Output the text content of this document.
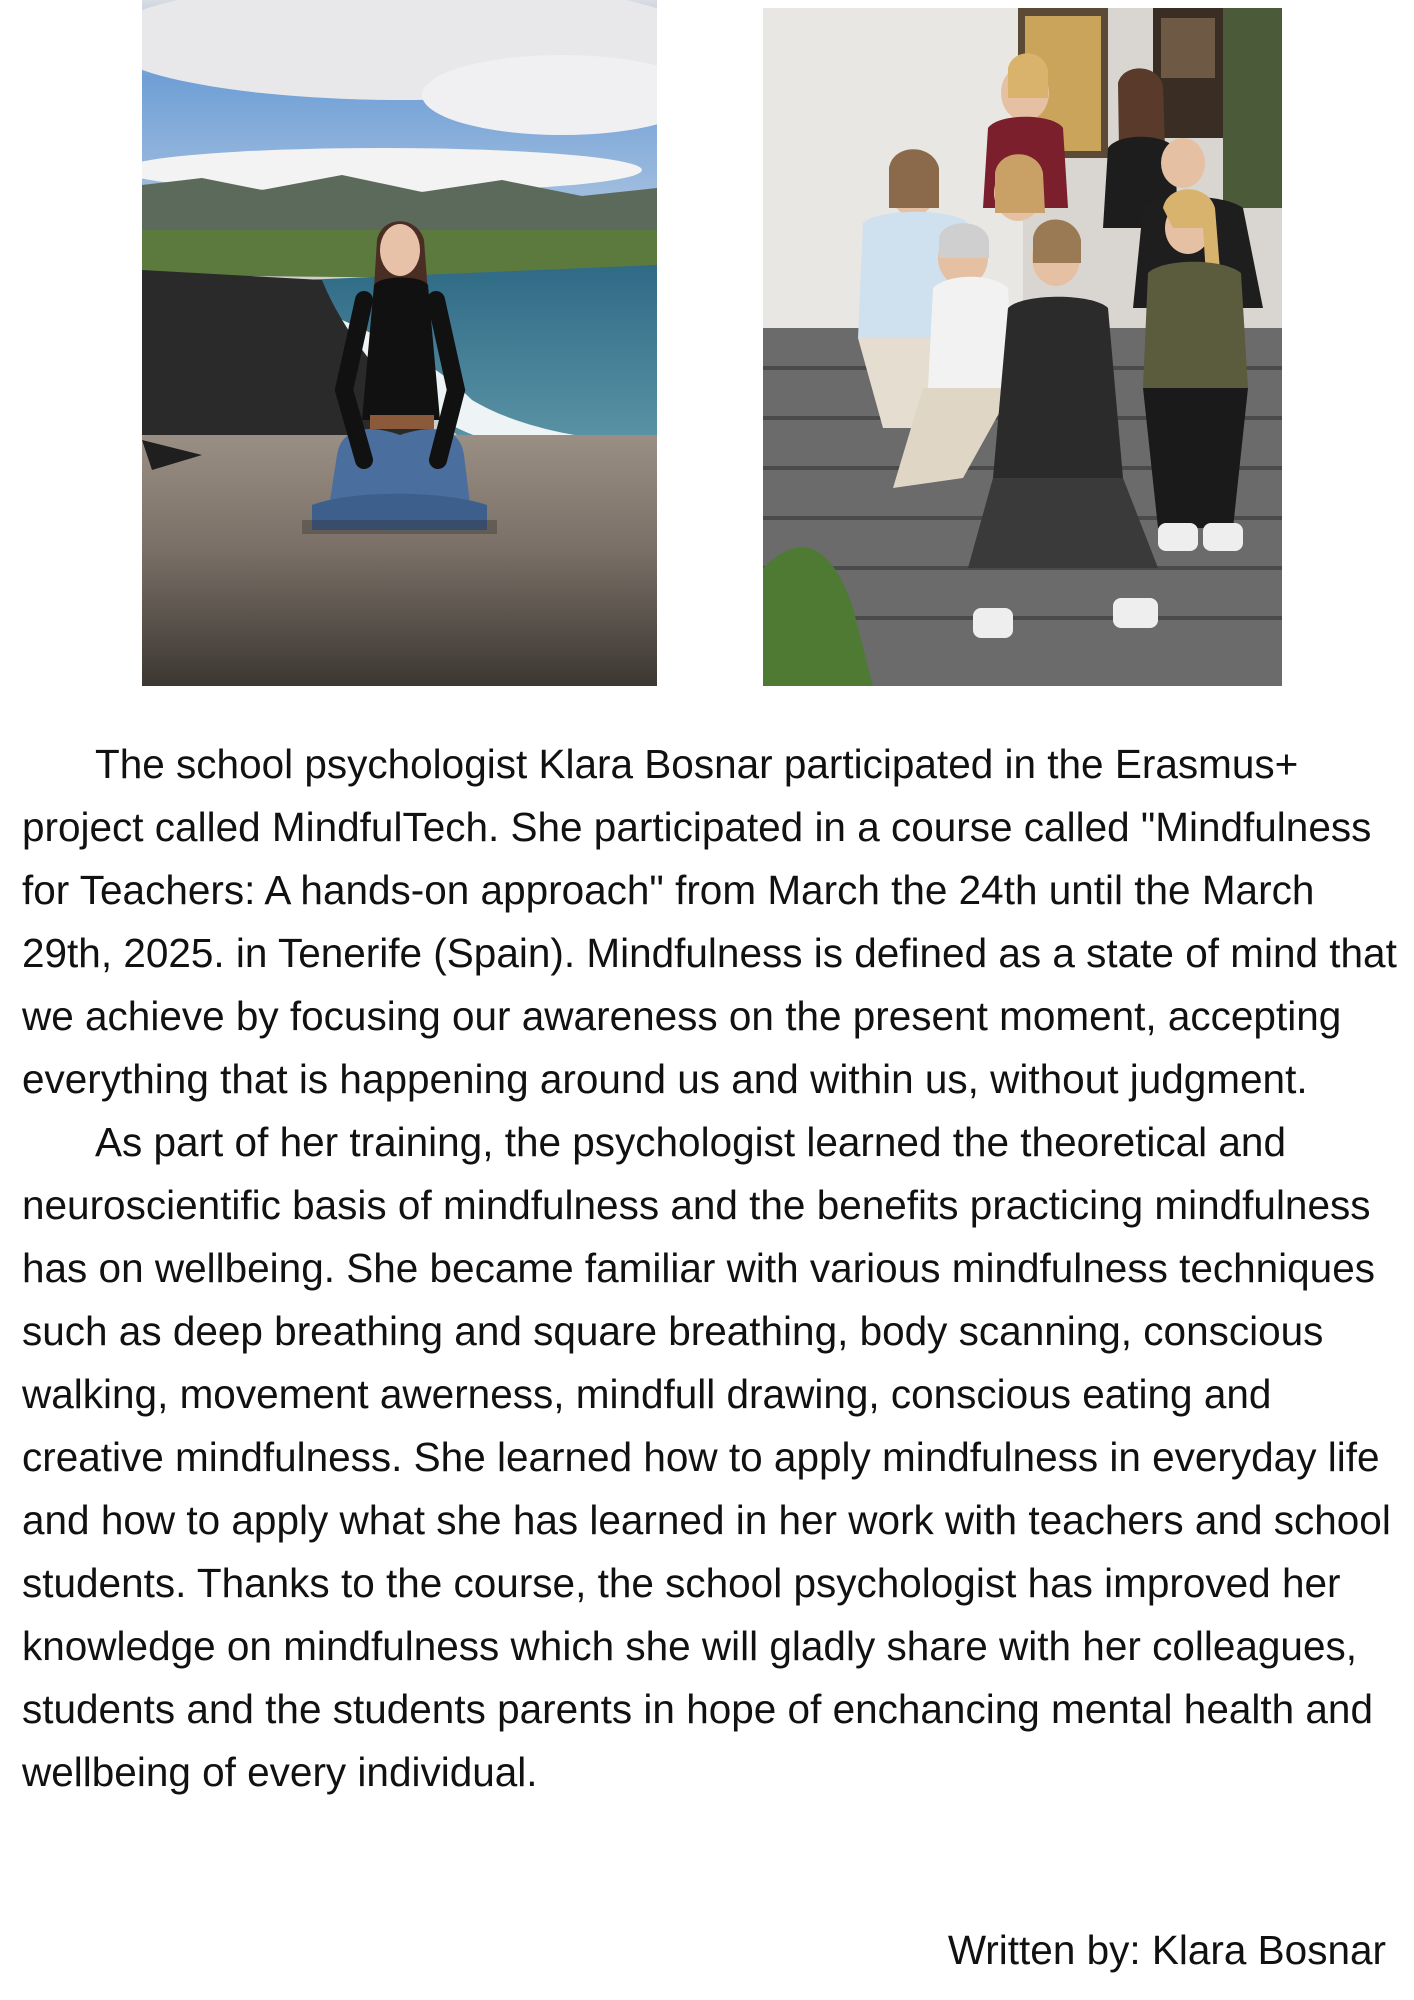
The school psychologist Klara Bosnar participated in the Erasmus+ project called MindfulTech. She participated in a course called "Mindfulness for Teachers: A hands-on approach" from March the 24th until the March 29th, 2025. in Tenerife (Spain). Mindfulness is defined as a state of mind that we achieve by focusing our awareness on the present moment, accepting everything that is happening around us and within us, without judgment.

As part of her training, the psychologist learned the theoretical and neuroscientific basis of mindfulness and the benefits practicing mindfulness has on wellbeing. She became familiar with various mindfulness techniques such as deep breathing and square breathing, body scanning, conscious walking, movement awerness, mindfull drawing, conscious eating and creative mindfulness. She learned how to apply mindfulness in everyday life and how to apply what she has learned in her work with teachers and school students. Thanks to the course, the school psychologist has improved her knowledge on mindfulness which she will gladly share with her colleagues, students and the students parents in hope of enchancing mental health and wellbeing of every individual.

Written by: Klara Bosnar
